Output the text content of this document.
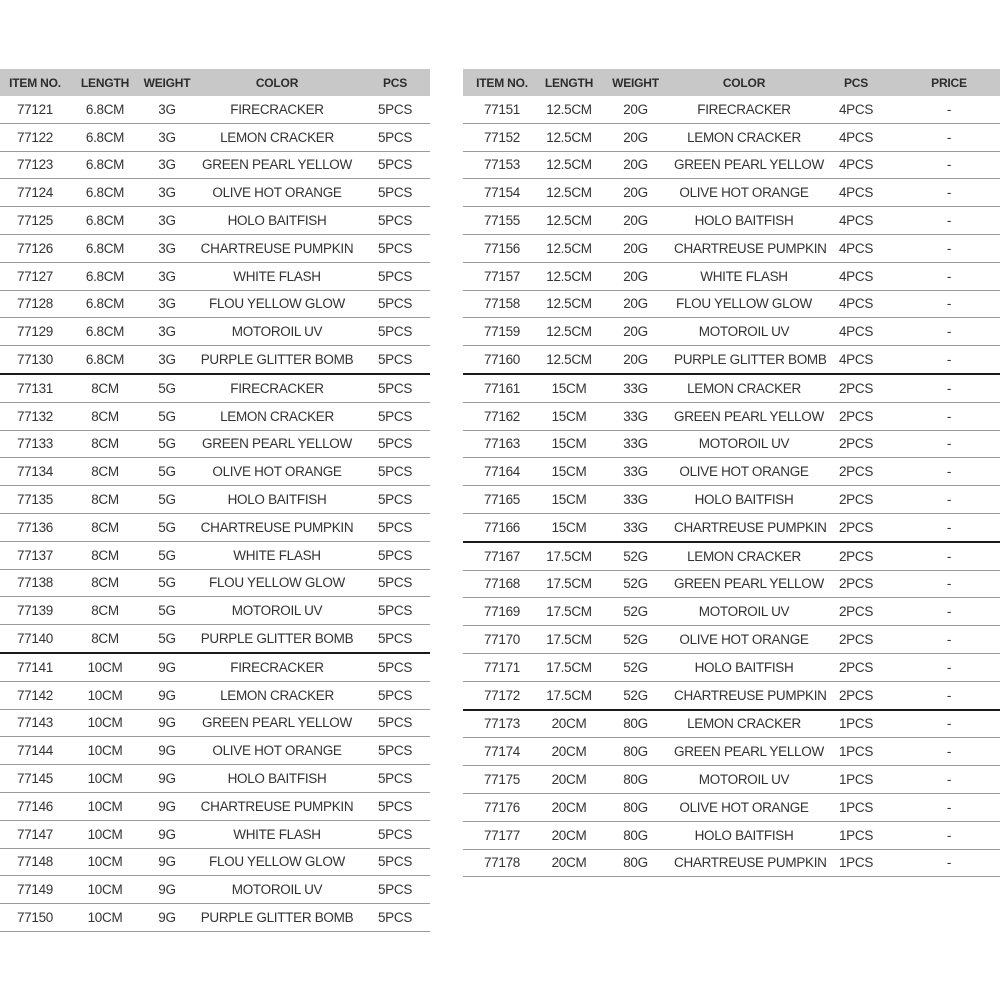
ITEM NO.	LENGTH	WEIGHT	COLOR	PCS
77121	6.8CM	3G	FIRECRACKER	5PCS
77122	6.8CM	3G	LEMON CRACKER	5PCS
77123	6.8CM	3G	GREEN PEARL YELLOW	5PCS
77124	6.8CM	3G	OLIVE HOT ORANGE	5PCS
77125	6.8CM	3G	HOLO BAITFISH	5PCS
77126	6.8CM	3G	CHARTREUSE PUMPKIN	5PCS
77127	6.8CM	3G	WHITE FLASH	5PCS
77128	6.8CM	3G	FLOU YELLOW GLOW	5PCS
77129	6.8CM	3G	MOTOROIL UV	5PCS
77130	6.8CM	3G	PURPLE GLITTER BOMB	5PCS
77131	8CM	5G	FIRECRACKER	5PCS
77132	8CM	5G	LEMON CRACKER	5PCS
77133	8CM	5G	GREEN PEARL YELLOW	5PCS
77134	8CM	5G	OLIVE HOT ORANGE	5PCS
77135	8CM	5G	HOLO BAITFISH	5PCS
77136	8CM	5G	CHARTREUSE PUMPKIN	5PCS
77137	8CM	5G	WHITE FLASH	5PCS
77138	8CM	5G	FLOU YELLOW GLOW	5PCS
77139	8CM	5G	MOTOROIL UV	5PCS
77140	8CM	5G	PURPLE GLITTER BOMB	5PCS
77141	10CM	9G	FIRECRACKER	5PCS
77142	10CM	9G	LEMON CRACKER	5PCS
77143	10CM	9G	GREEN PEARL YELLOW	5PCS
77144	10CM	9G	OLIVE HOT ORANGE	5PCS
77145	10CM	9G	HOLO BAITFISH	5PCS
77146	10CM	9G	CHARTREUSE PUMPKIN	5PCS
77147	10CM	9G	WHITE FLASH	5PCS
77148	10CM	9G	FLOU YELLOW GLOW	5PCS
77149	10CM	9G	MOTOROIL UV	5PCS
77150	10CM	9G	PURPLE GLITTER BOMB	5PCS
ITEM NO.	LENGTH	WEIGHT	COLOR	PCS	PRICE
77151	12.5CM	20G	FIRECRACKER	4PCS	-
77152	12.5CM	20G	LEMON CRACKER	4PCS	-
77153	12.5CM	20G	GREEN PEARL YELLOW	4PCS	-
77154	12.5CM	20G	OLIVE HOT ORANGE	4PCS	-
77155	12.5CM	20G	HOLO BAITFISH	4PCS	-
77156	12.5CM	20G	CHARTREUSE PUMPKIN	4PCS	-
77157	12.5CM	20G	WHITE FLASH	4PCS	-
77158	12.5CM	20G	FLOU YELLOW GLOW	4PCS	-
77159	12.5CM	20G	MOTOROIL UV	4PCS	-
77160	12.5CM	20G	PURPLE GLITTER BOMB	4PCS	-
77161	15CM	33G	LEMON CRACKER	2PCS	-
77162	15CM	33G	GREEN PEARL YELLOW	2PCS	-
77163	15CM	33G	MOTOROIL UV	2PCS	-
77164	15CM	33G	OLIVE HOT ORANGE	2PCS	-
77165	15CM	33G	HOLO BAITFISH	2PCS	-
77166	15CM	33G	CHARTREUSE PUMPKIN	2PCS	-
77167	17.5CM	52G	LEMON CRACKER	2PCS	-
77168	17.5CM	52G	GREEN PEARL YELLOW	2PCS	-
77169	17.5CM	52G	MOTOROIL UV	2PCS	-
77170	17.5CM	52G	OLIVE HOT ORANGE	2PCS	-
77171	17.5CM	52G	HOLO BAITFISH	2PCS	-
77172	17.5CM	52G	CHARTREUSE PUMPKIN	2PCS	-
77173	20CM	80G	LEMON CRACKER	1PCS	-
77174	20CM	80G	GREEN PEARL YELLOW	1PCS	-
77175	20CM	80G	MOTOROIL UV	1PCS	-
77176	20CM	80G	OLIVE HOT ORANGE	1PCS	-
77177	20CM	80G	HOLO BAITFISH	1PCS	-
77178	20CM	80G	CHARTREUSE PUMPKIN	1PCS	-
